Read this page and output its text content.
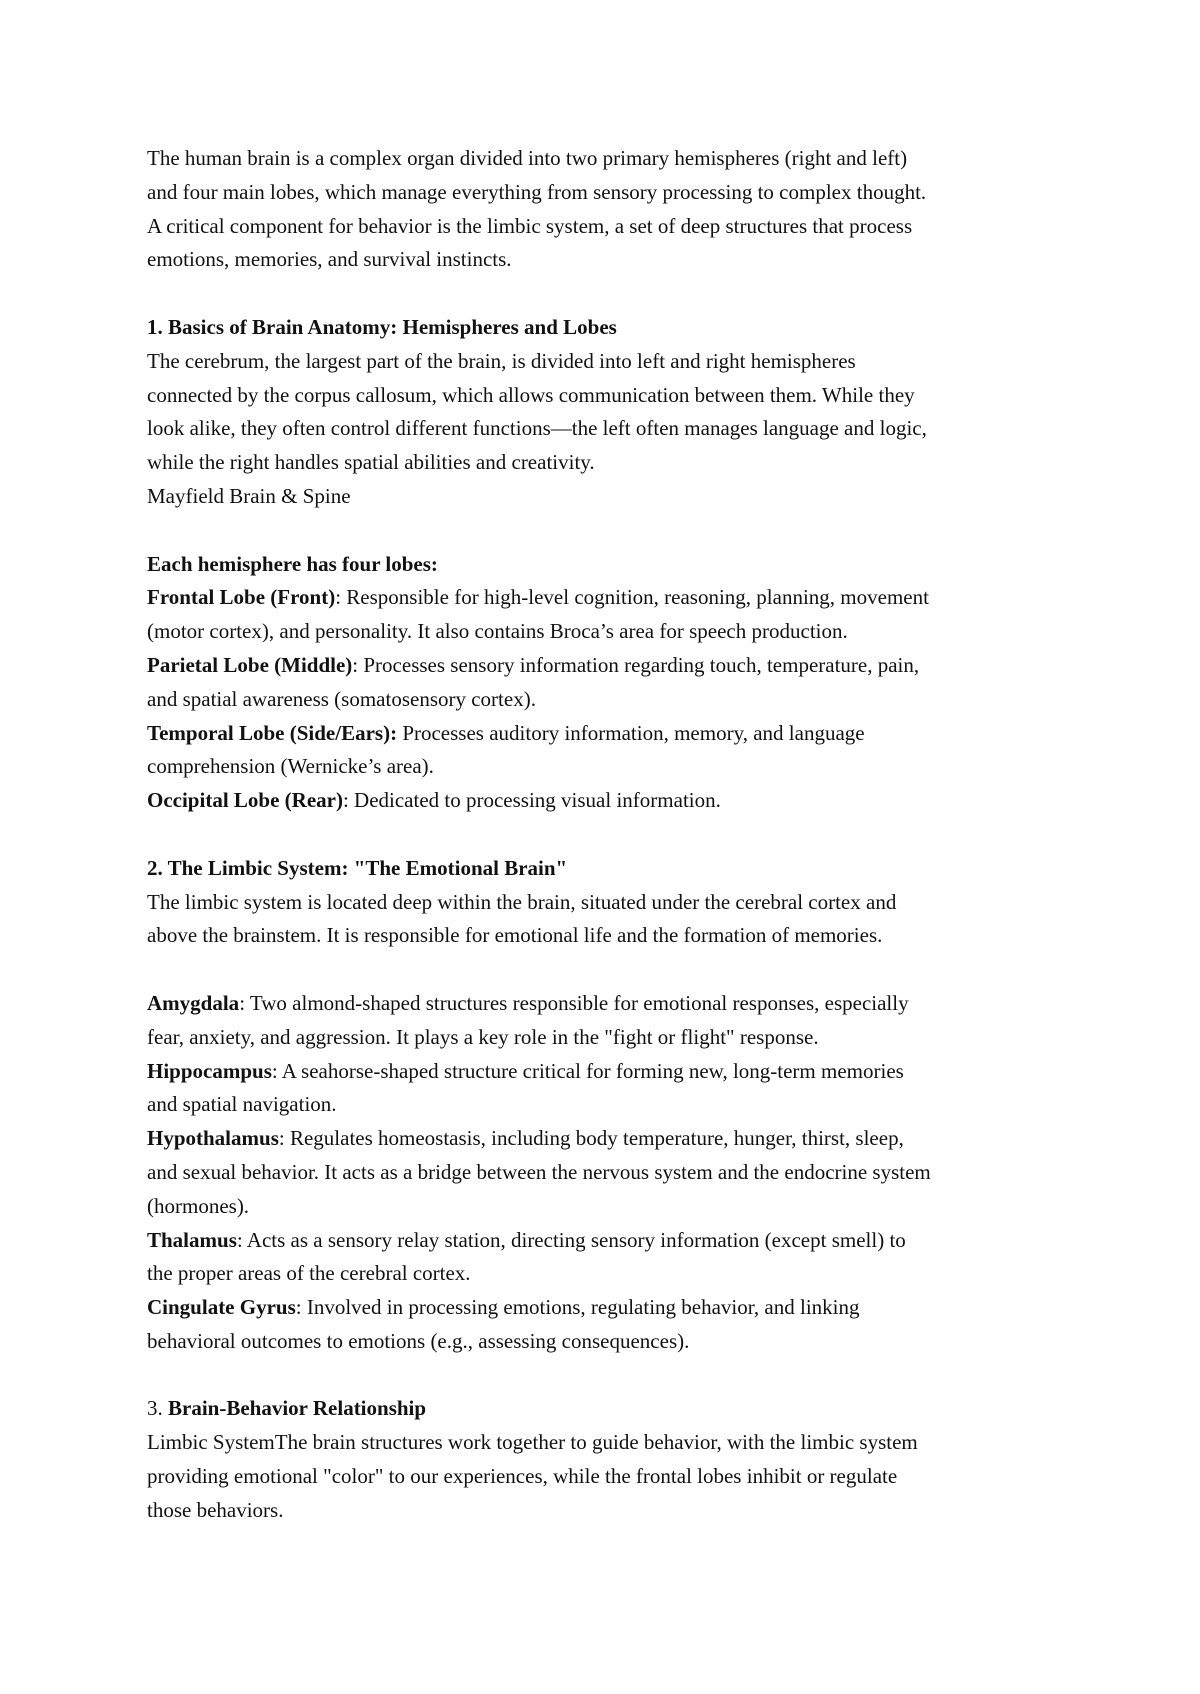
The human brain is a complex organ divided into two primary hemispheres (right and left)
and four main lobes, which manage everything from sensory processing to complex thought.
A critical component for behavior is the limbic system, a set of deep structures that process
emotions, memories, and survival instincts.
1. Basics of Brain Anatomy: Hemispheres and Lobes
The cerebrum, the largest part of the brain, is divided into left and right hemispheres
connected by the corpus callosum, which allows communication between them. While they
look alike, they often control different functions—the left often manages language and logic,
while the right handles spatial abilities and creativity.
Mayfield Brain & Spine
Each hemisphere has four lobes:
Frontal Lobe (Front): Responsible for high-level cognition, reasoning, planning, movement
(motor cortex), and personality. It also contains Broca’s area for speech production.
Parietal Lobe (Middle): Processes sensory information regarding touch, temperature, pain,
and spatial awareness (somatosensory cortex).
Temporal Lobe (Side/Ears): Processes auditory information, memory, and language
comprehension (Wernicke’s area).
Occipital Lobe (Rear): Dedicated to processing visual information.
2. The Limbic System: "The Emotional Brain"
The limbic system is located deep within the brain, situated under the cerebral cortex and
above the brainstem. It is responsible for emotional life and the formation of memories.
Amygdala: Two almond-shaped structures responsible for emotional responses, especially
fear, anxiety, and aggression. It plays a key role in the "fight or flight" response.
Hippocampus: A seahorse-shaped structure critical for forming new, long-term memories
and spatial navigation.
Hypothalamus: Regulates homeostasis, including body temperature, hunger, thirst, sleep,
and sexual behavior. It acts as a bridge between the nervous system and the endocrine system
(hormones).
Thalamus: Acts as a sensory relay station, directing sensory information (except smell) to
the proper areas of the cerebral cortex.
Cingulate Gyrus: Involved in processing emotions, regulating behavior, and linking
behavioral outcomes to emotions (e.g., assessing consequences).
3. Brain-Behavior Relationship
Limbic SystemThe brain structures work together to guide behavior, with the limbic system
providing emotional "color" to our experiences, while the frontal lobes inhibit or regulate
those behaviors.
